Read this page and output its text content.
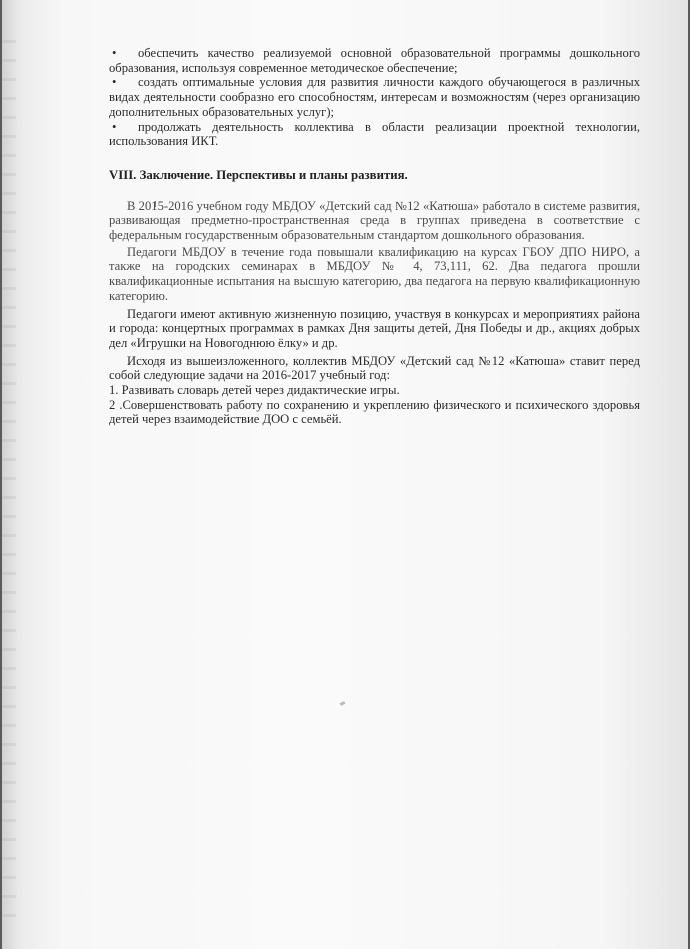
• обеспечить качество реализуемой основной образовательной программы дошкольного образования, используя современное методическое обеспечение;
• создать оптимальные условия для развития личности каждого обучающегося в различных видах деятельности сообразно его способностям, интересам и возможностям (через организацию дополнительных образовательных услуг);
• продолжать деятельность коллектива в области реализации проектной технологии, использования ИКТ.
VIII. Заключение. Перспективы и планы развития.
В 2015-2016 учебном году МБДОУ «Детский сад №12 «Катюша» работало в системе развития, развивающая предметно-пространственная среда в группах приведена в соответствие с федеральным государственным образовательным стандартом дошкольного образования.
Педагоги МБДОУ в течение года повышали квалификацию на курсах ГБОУ ДПО НИРО, а также на городских семинарах в МБДОУ № 4, 73,111, 62. Два педагога прошли квалификационные испытания на высшую категорию, два педагога на первую квалификационную категорию.
Педагоги имеют активную жизненную позицию, участвуя в конкурсах и мероприятиях района и города: концертных программах в рамках Дня защиты детей, Дня Победы и др., акциях добрых дел «Игрушки на Новогоднюю ёлку» и др.
Исходя из вышеизложенного, коллектив МБДОУ «Детский сад №12 «Катюша» ставит перед собой следующие задачи на 2016-2017 учебный год:
1. Развивать словарь детей через дидактические игры.
2 .Совершенствовать работу по сохранению и укреплению физического и психического здоровья детей через взаимодействие ДОО с семьёй.
